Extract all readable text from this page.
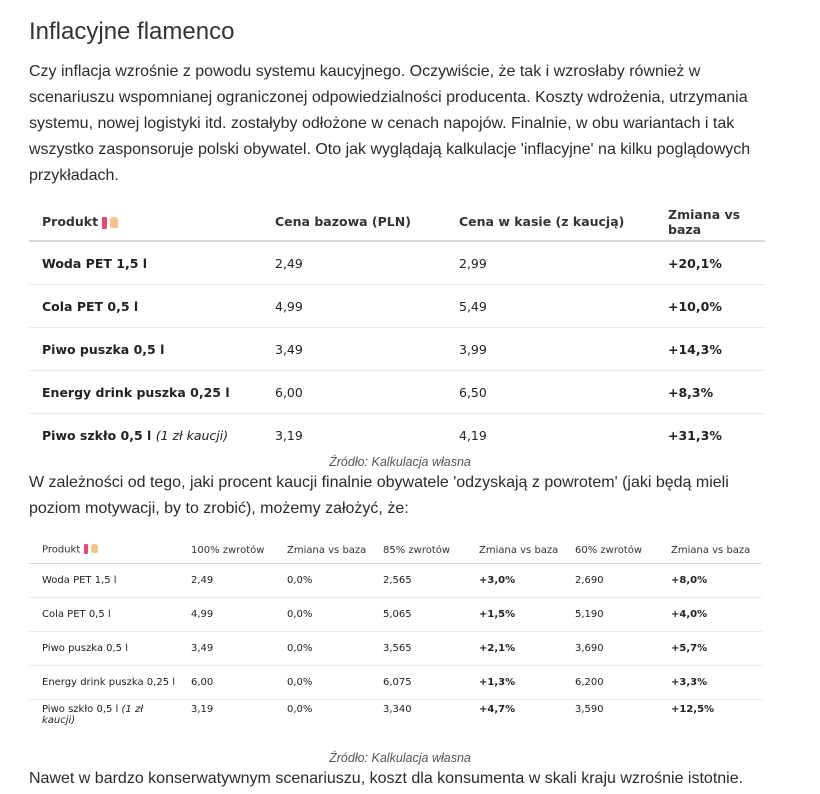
Inflacyjne flamenco

Czy inflacja wzrośnie z powodu systemu kaucyjnego. Oczywiście, że tak i wzrosłaby również w scenariuszu wspomnianej ograniczonej odpowiedzialności producenta. Koszty wdrożenia, utrzymania systemu, nowej logistyki itd. zostałyby odłożone w cenach napojów. Finalnie, w obu wariantach i tak wszystko zasponsoruje polski obywatel. Oto jak wyglądają kalkulacje 'inflacyjne' na kilku poglądowych przykładach.

Produkt	Cena bazowa (PLN)	Cena w kasie (z kaucją)	Zmiana vs baza
Woda PET 1,5 l	2,49	2,99	+20,1%
Cola PET 0,5 l	4,99	5,49	+10,0%
Piwo puszka 0,5 l	3,49	3,99	+14,3%
Energy drink puszka 0,25 l	6,00	6,50	+8,3%
Piwo szkło 0,5 l (1 zł kaucji)	3,19	4,19	+31,3%
Źródło: Kalkulacja własna

W zależności od tego, jaki procent kaucji finalnie obywatele 'odzyskają z powrotem' (jaki będą mieli poziom motywacji, by to zrobić), możemy założyć, że:

Produkt	100% zwrotów	Zmiana vs baza	85% zwrotów	Zmiana vs baza	60% zwrotów	Zmiana vs baza
Woda PET 1,5 l	2,49	0,0%	2,565	+3,0%	2,690	+8,0%
Cola PET 0,5 l	4,99	0,0%	5,065	+1,5%	5,190	+4,0%
Piwo puszka 0,5 l	3,49	0,0%	3,565	+2,1%	3,690	+5,7%
Energy drink puszka 0,25 l	6,00	0,0%	6,075	+1,3%	6,200	+3,3%
Piwo szkło 0,5 l (1 zł kaucji)	3,19	0,0%	3,340	+4,7%	3,590	+12,5%
Źródło: Kalkulacja własna

Nawet w bardzo konserwatywnym scenariuszu, koszt dla konsumenta w skali kraju wzrośnie istotnie.
